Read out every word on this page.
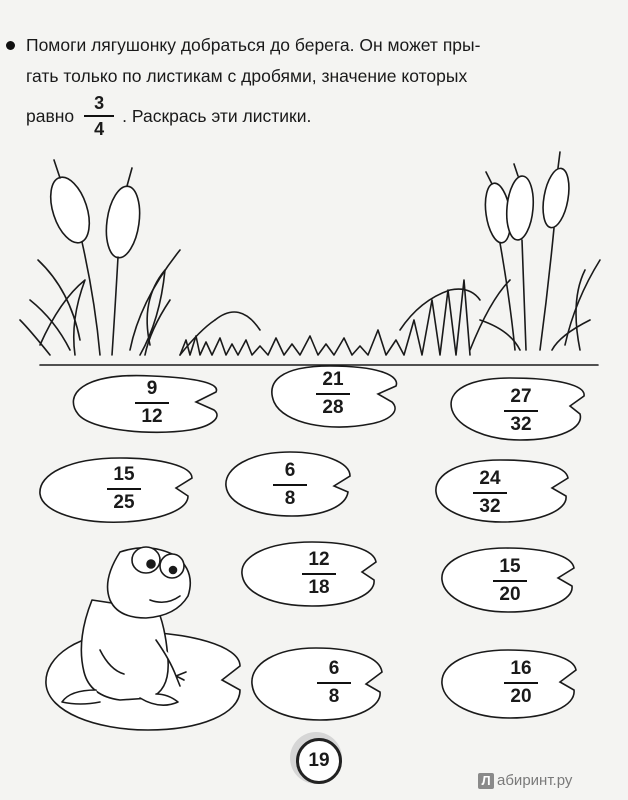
Помоги лягушонку добраться до берега. Он может пры-
гать только по листикам с дробями, значение которых
равно $\frac{3}{4}$ . Раскрась эти листики.
9
12
21
28
27
32
15
25
6
8
24
32
12
18
15
20
6
8
16
20
19
Л абиринт.ру
